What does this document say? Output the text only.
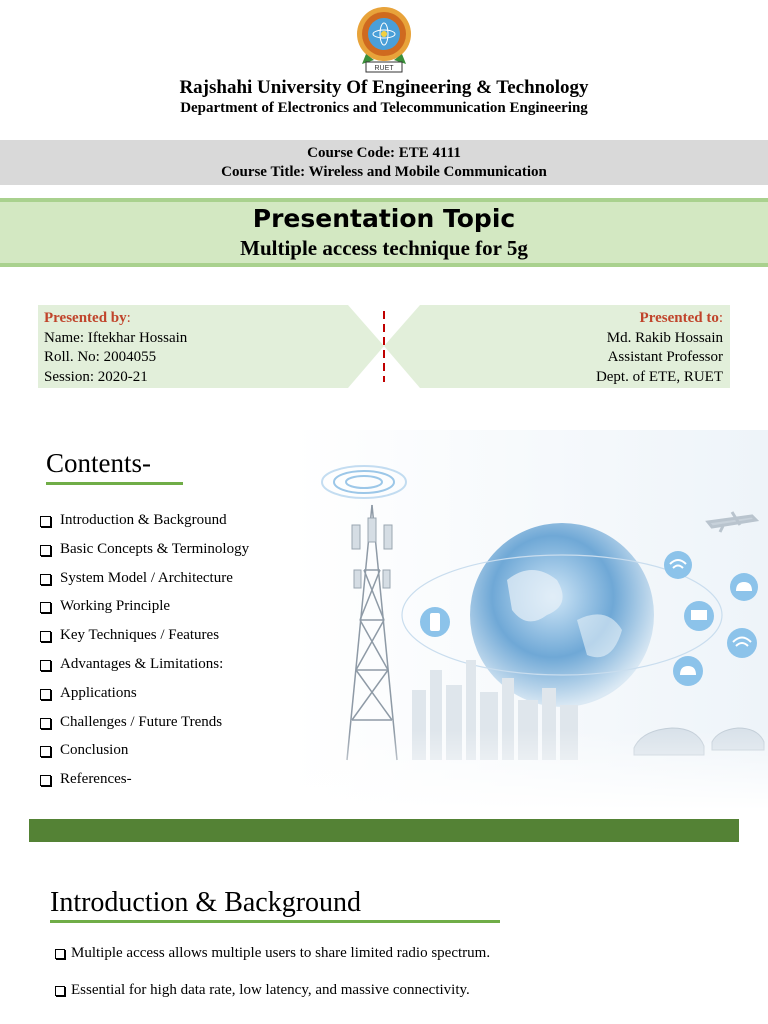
RUET
Rajshahi University Of Engineering & Technology
Department of Electronics and Telecommunication Engineering
Course Code: ETE 4111
Course Title: Wireless and Mobile Communication
Presentation Topic
Multiple access technique for 5g
Presented by:
Name: Iftekhar Hossain
Roll. No: 2004055
Session: 2020-21
Presented to:
Md. Rakib Hossain
Assistant Professor
Dept. of ETE, RUET
Contents-
Introduction & Background
Basic Concepts & Terminology
System Model / Architecture
Working Principle
Key Techniques / Features
Advantages & Limitations:
Applications
Challenges / Future Trends
Conclusion
References-
Introduction & Background
Multiple access allows multiple users to share limited radio spectrum.
Essential for high data rate, low latency, and massive connectivity.
